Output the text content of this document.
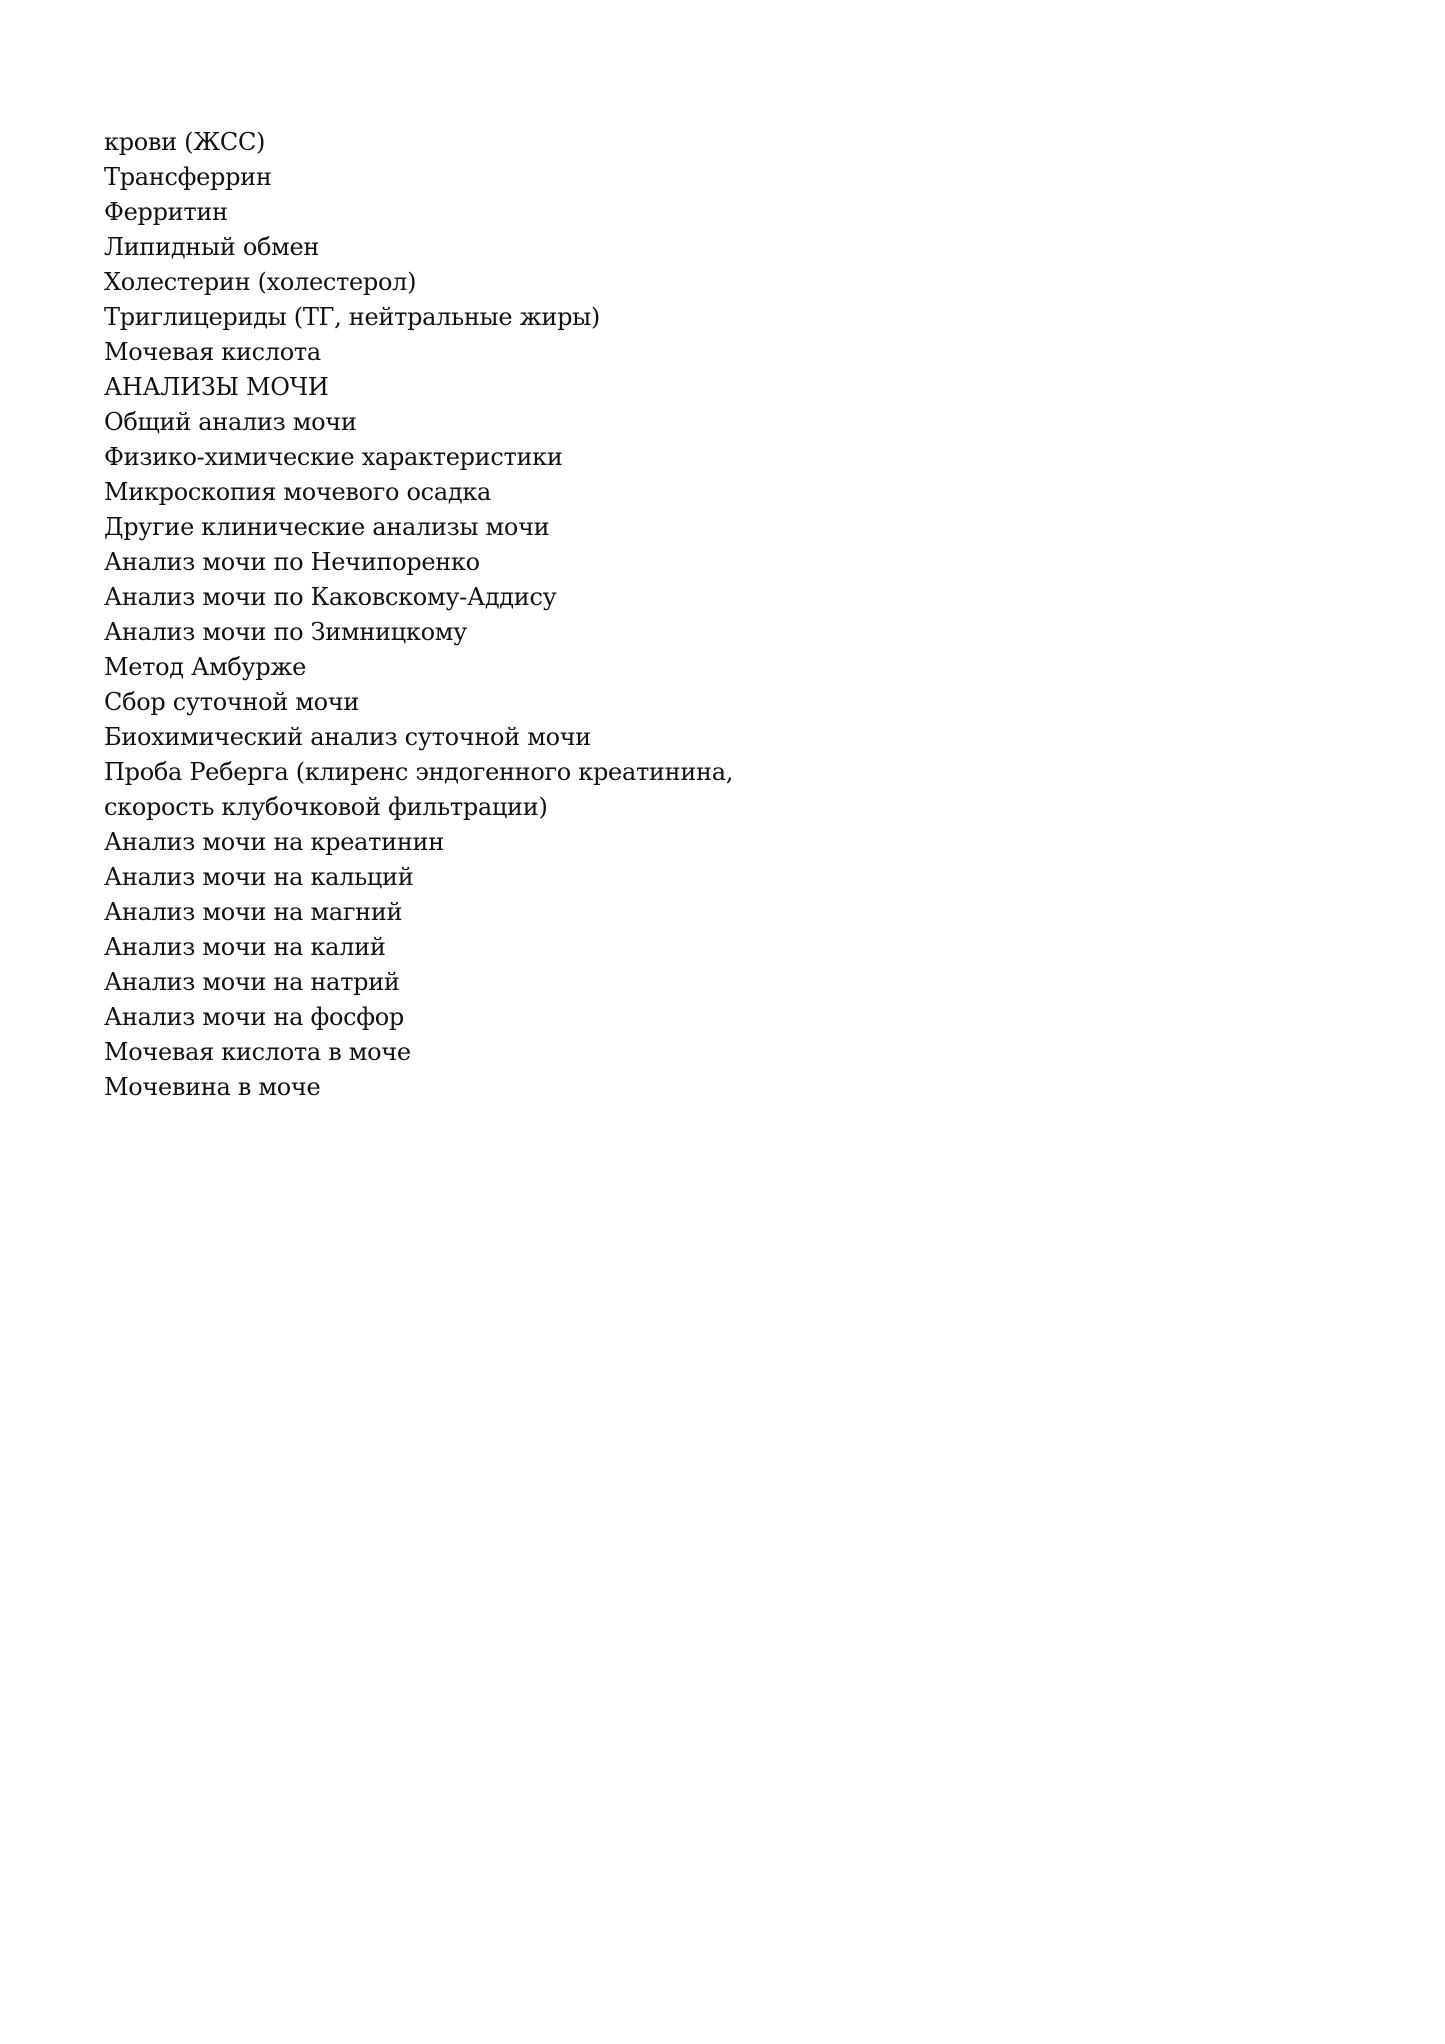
крови (ЖСС)
Трансферрин
Ферритин
Липидный обмен
Холестерин (холестерол)
Триглицериды (ТГ, нейтральные жиры)
Мочевая кислота
АНАЛИЗЫ МОЧИ
Общий анализ мочи
Физико-химические характеристики
Микроскопия мочевого осадка
Другие клинические анализы мочи
Анализ мочи по Нечипоренко
Анализ мочи по Каковскому-Аддису
Анализ мочи по Зимницкому
Метод Амбурже
Сбор суточной мочи
Биохимический анализ суточной мочи
Проба Реберга (клиренс эндогенного креатинина,
скорость клубочковой фильтрации)
Анализ мочи на креатинин
Анализ мочи на кальций
Анализ мочи на магний
Анализ мочи на калий
Анализ мочи на натрий
Анализ мочи на фосфор
Мочевая кислота в моче
Мочевина в моче
